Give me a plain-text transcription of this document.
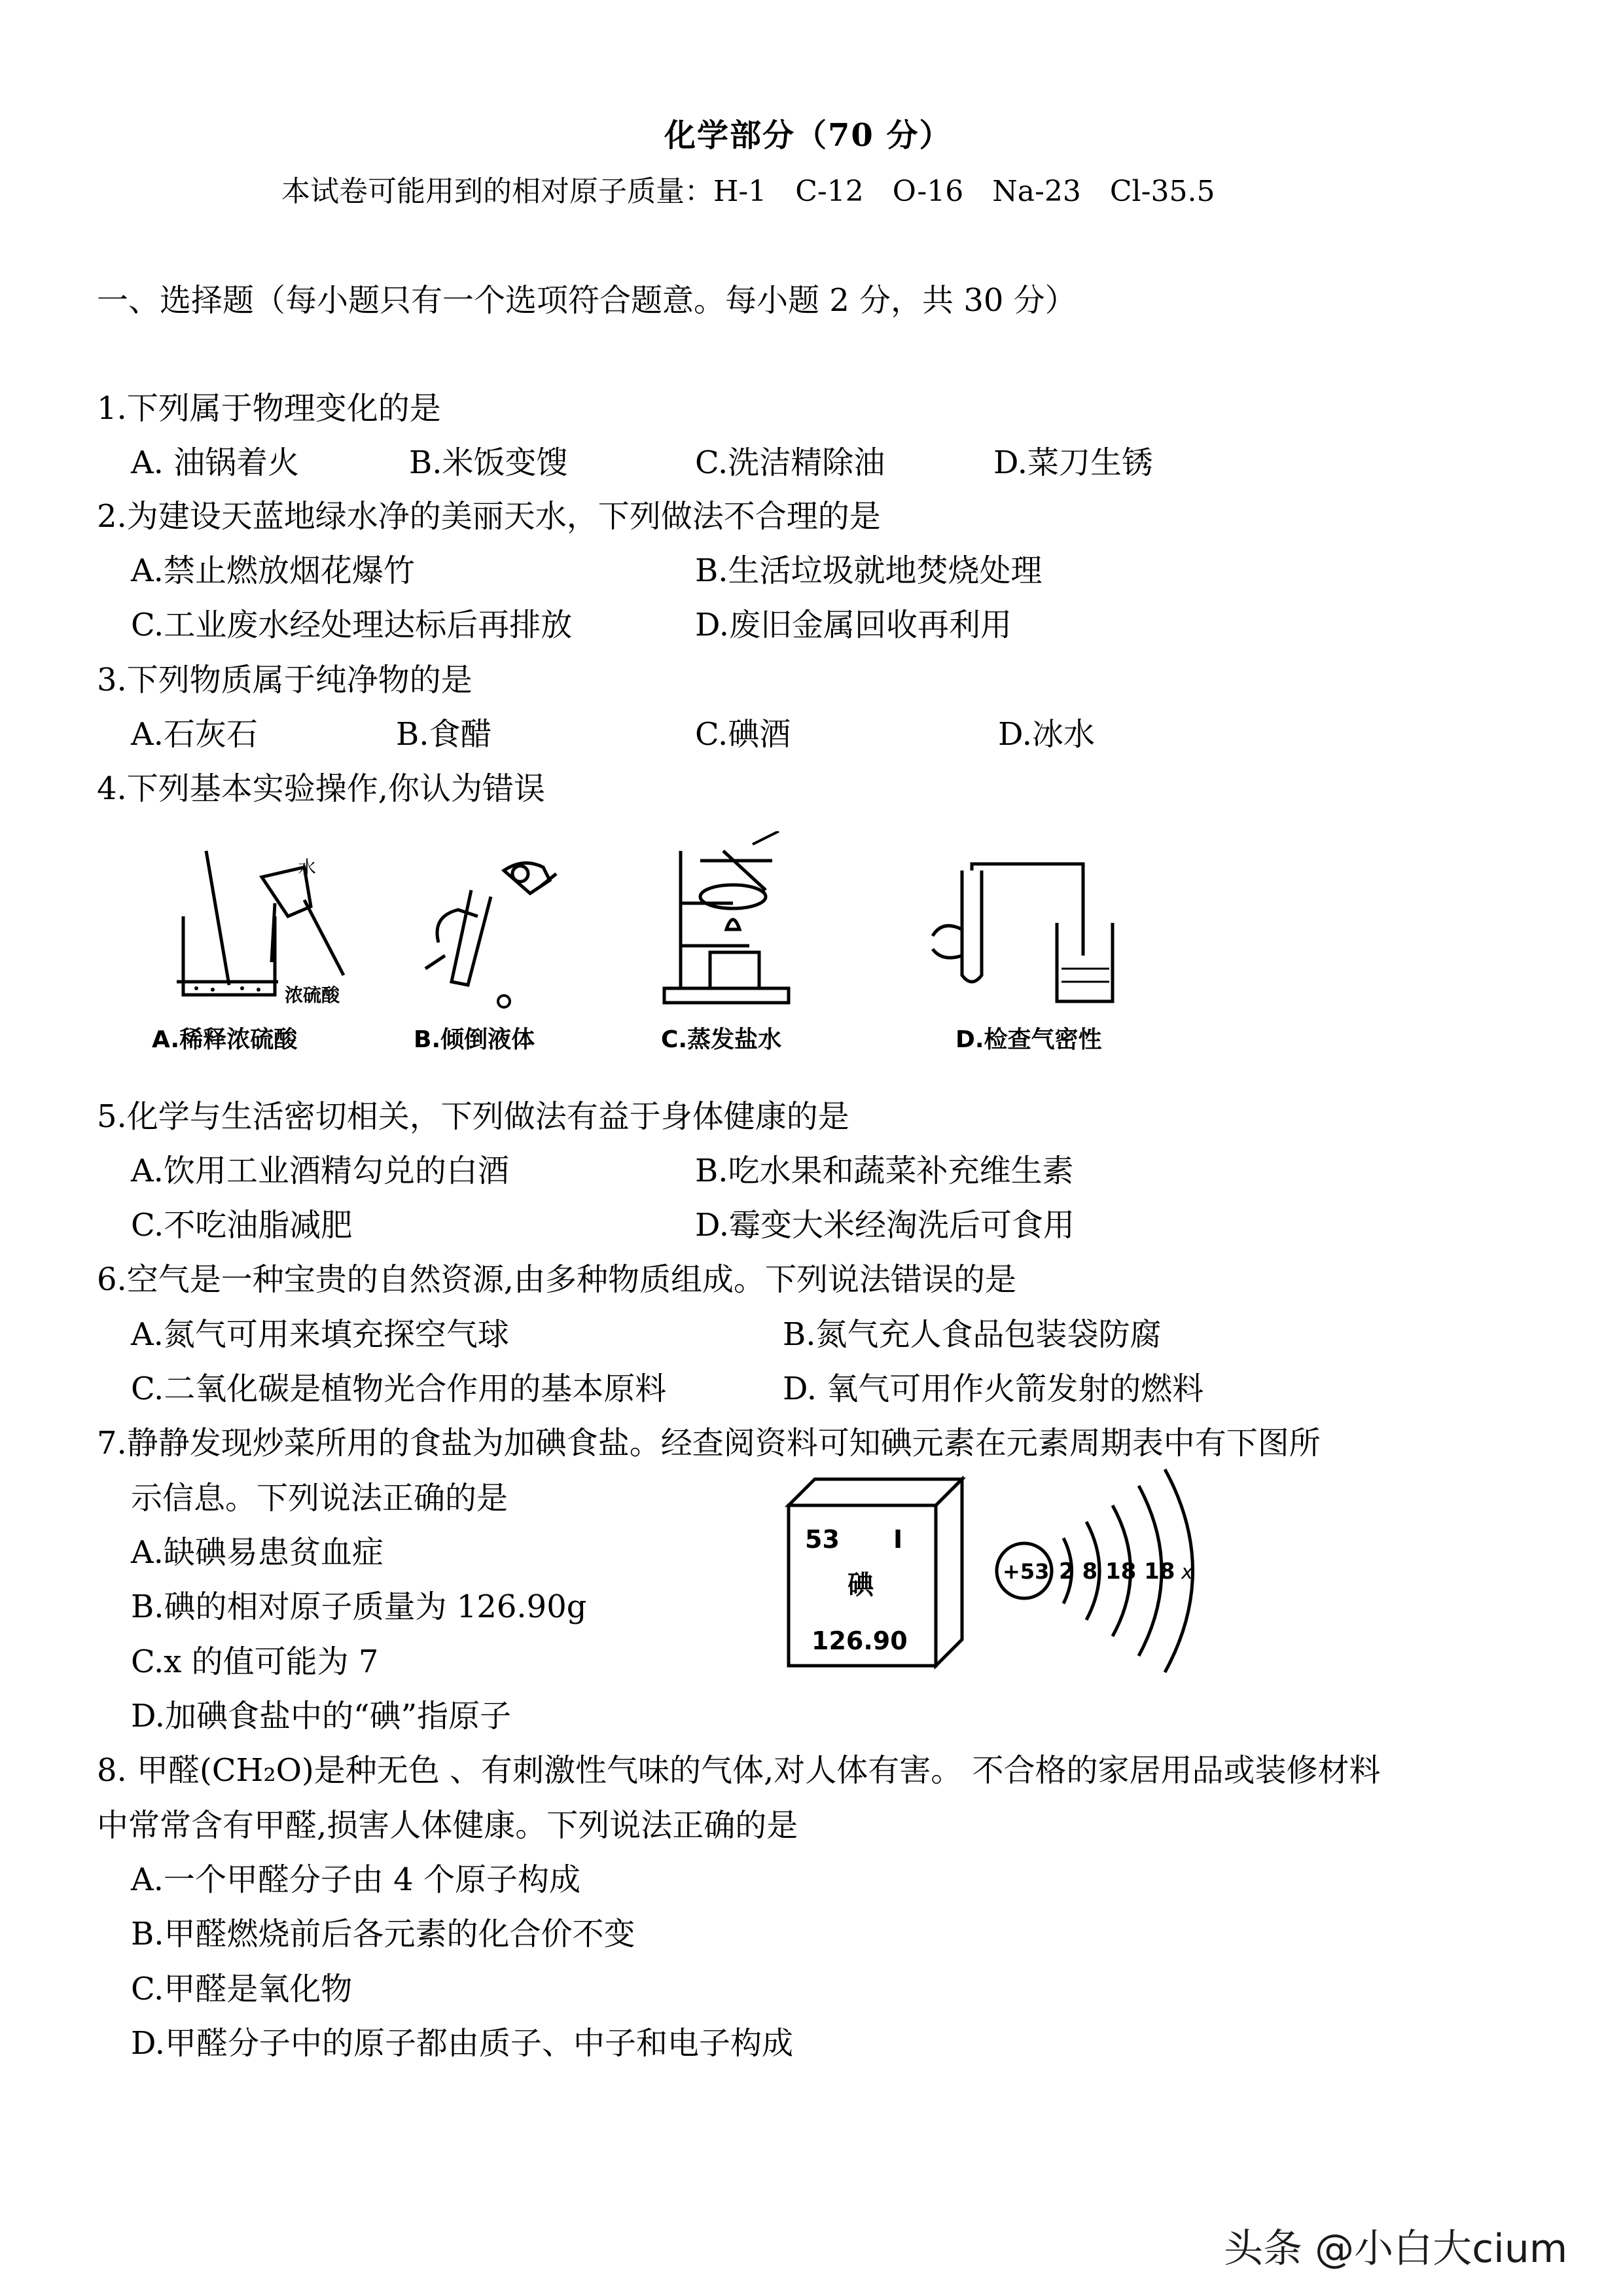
化学部分（70 分）
本试卷可能用到的相对原子质量：H-1　C-12　O-16　Na-23　Cl-35.5
一、选择题（每小题只有一个选项符合题意。每小题 2 分，共 30 分）
1.下列属于物理变化的是
A. 油锅着火	B.米饭变馊	C.洗洁精除油	D.菜刀生锈
2.为建设天蓝地绿水净的美丽天水，下列做法不合理的是
A.禁止燃放烟花爆竹	B.生活垃圾就地焚烧处理
C.工业废水经处理达标后再排放	D.废旧金属回收再利用
3.下列物质属于纯净物的是
A.石灰石	B.食醋	C.碘酒	D.冰水
4.下列基本实验操作,你认为错误
水
浓硫酸
A.稀释浓硫酸	B.倾倒液体	C.蒸发盐水	D.检查气密性
5.化学与生活密切相关，下列做法有益于身体健康的是
A.饮用工业酒精勾兑的白酒	B.吃水果和蔬菜补充维生素
C.不吃油脂减肥	D.霉变大米经淘洗后可食用
6.空气是一种宝贵的自然资源,由多种物质组成。下列说法错误的是
A.氮气可用来填充探空气球	B.氮气充人食品包装袋防腐
C.二氧化碳是植物光合作用的基本原料	D. 氧气可用作火箭发射的燃料
7.静静发现炒菜所用的食盐为加碘食盐。经查阅资料可知碘元素在元素周期表中有下图所
示信息。下列说法正确的是
A.缺碘易患贫血症
B.碘的相对原子质量为 126.90g
C.x 的值可能为 7
D.加碘食盐中的“碘”指原子
53 I
碘
126.90
+53 2 8 18 18 x
8. 甲醛(CH₂O)是种无色 、有刺激性气味的气体,对人体有害。 不合格的家居用品或装修材料
中常常含有甲醛,损害人体健康。下列说法正确的是
A.一个甲醛分子由 4 个原子构成
B.甲醛燃烧前后各元素的化合价不变
C.甲醛是氧化物
D.甲醛分子中的原子都由质子、中子和电子构成
头条 @小白大cium
